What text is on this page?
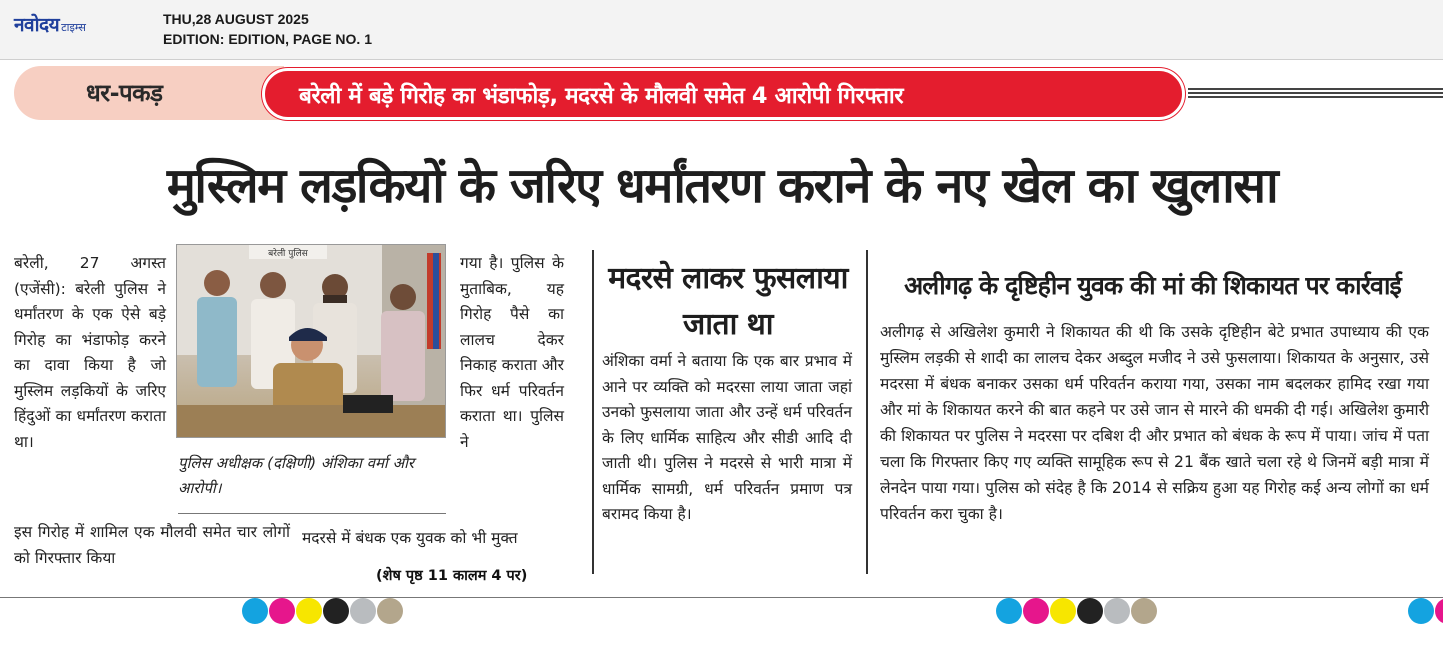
नवोदय टाइम्स
THU,28 AUGUST 2025
EDITION: EDITION, PAGE NO. 1
धर-पकड़	बरेली में बड़े गिरोह का भंडाफोड़, मदरसे के मौलवी समेत 4 आरोपी गिरफ्तार
मुस्लिम लड़कियों के जरिए धर्मांतरण कराने के नए खेल का खुलासा
बरेली, 27 अगस्त (एजेंसी): बरेली पुलिस ने धर्मांतरण के एक ऐसे बड़े गिरोह का भंडाफोड़ करने का दावा किया है जो मुस्लिम लड़कियों के जरिए हिंदुओं का धर्मांतरण कराता था।
बरेली पुलिस
पुलिस अधीक्षक (दक्षिणी) अंशिका वर्मा और आरोपी।
गया है। पुलिस के मुताबिक, यह गिरोह पैसे का लालच देकर निकाह कराता और फिर धर्म परिवर्तन कराता था। पुलिस ने
इस गिरोह में शामिल एक मौलवी समेत चार लोगों को गिरफ्तार किया
मदरसे में बंधक एक युवक को भी मुक्त
(शेष पृष्ठ 11 कालम 4 पर)
मदरसे लाकर फुसलाया जाता था
अंशिका वर्मा ने बताया कि एक बार प्रभाव में आने पर व्यक्ति को मदरसा लाया जाता जहां उनको फुसलाया जाता और उन्हें धर्म परिवर्तन के लिए धार्मिक साहित्य और सीडी आदि दी जाती थी। पुलिस ने मदरसे से भारी मात्रा में धार्मिक सामग्री, धर्म परिवर्तन प्रमाण पत्र बरामद किया है।
अलीगढ़ के दृष्टिहीन युवक की मां की शिकायत पर कार्रवाई
अलीगढ़ से अखिलेश कुमारी ने शिकायत की थी कि उसके दृष्टिहीन बेटे प्रभात उपाध्याय की एक मुस्लिम लड़की से शादी का लालच देकर अब्दुल मजीद ने उसे फुसलाया। शिकायत के अनुसार, उसे मदरसा में बंधक बनाकर उसका धर्म परिवर्तन कराया गया, उसका नाम बदलकर हामिद रखा गया और मां के शिकायत करने की बात कहने पर उसे जान से मारने की धमकी दी गई। अखिलेश कुमारी की शिकायत पर पुलिस ने मदरसा पर दबिश दी और प्रभात को बंधक के रूप में पाया। जांच में पता चला कि गिरफ्तार किए गए व्यक्ति सामूहिक रूप से 21 बैंक खाते चला रहे थे जिनमें बड़ी मात्रा में लेनदेन पाया गया। पुलिस को संदेह है कि 2014 से सक्रिय हुआ यह गिरोह कई अन्य लोगों का धर्म परिवर्तन करा चुका है।
